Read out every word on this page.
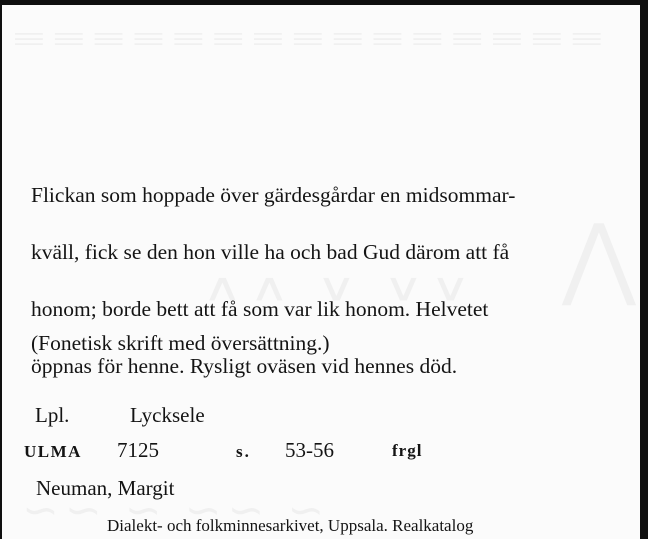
Flickan som hoppade över gärdesgårdar en midsommar-

kväll, fick se den hon ville ha och bad Gud därom att få

honom; borde bett att få som var lik honom. Helvetet

öppnas för henne. Rysligt oväsen vid hennes död.

(Fonetisk skrift med översättning.)
Lpl.	Lycksele
ULMA 7125	s. 53-56	frgl
Neuman, Margit
Dialekt- och folkminnesarkivet, Uppsala. Realkatalog
